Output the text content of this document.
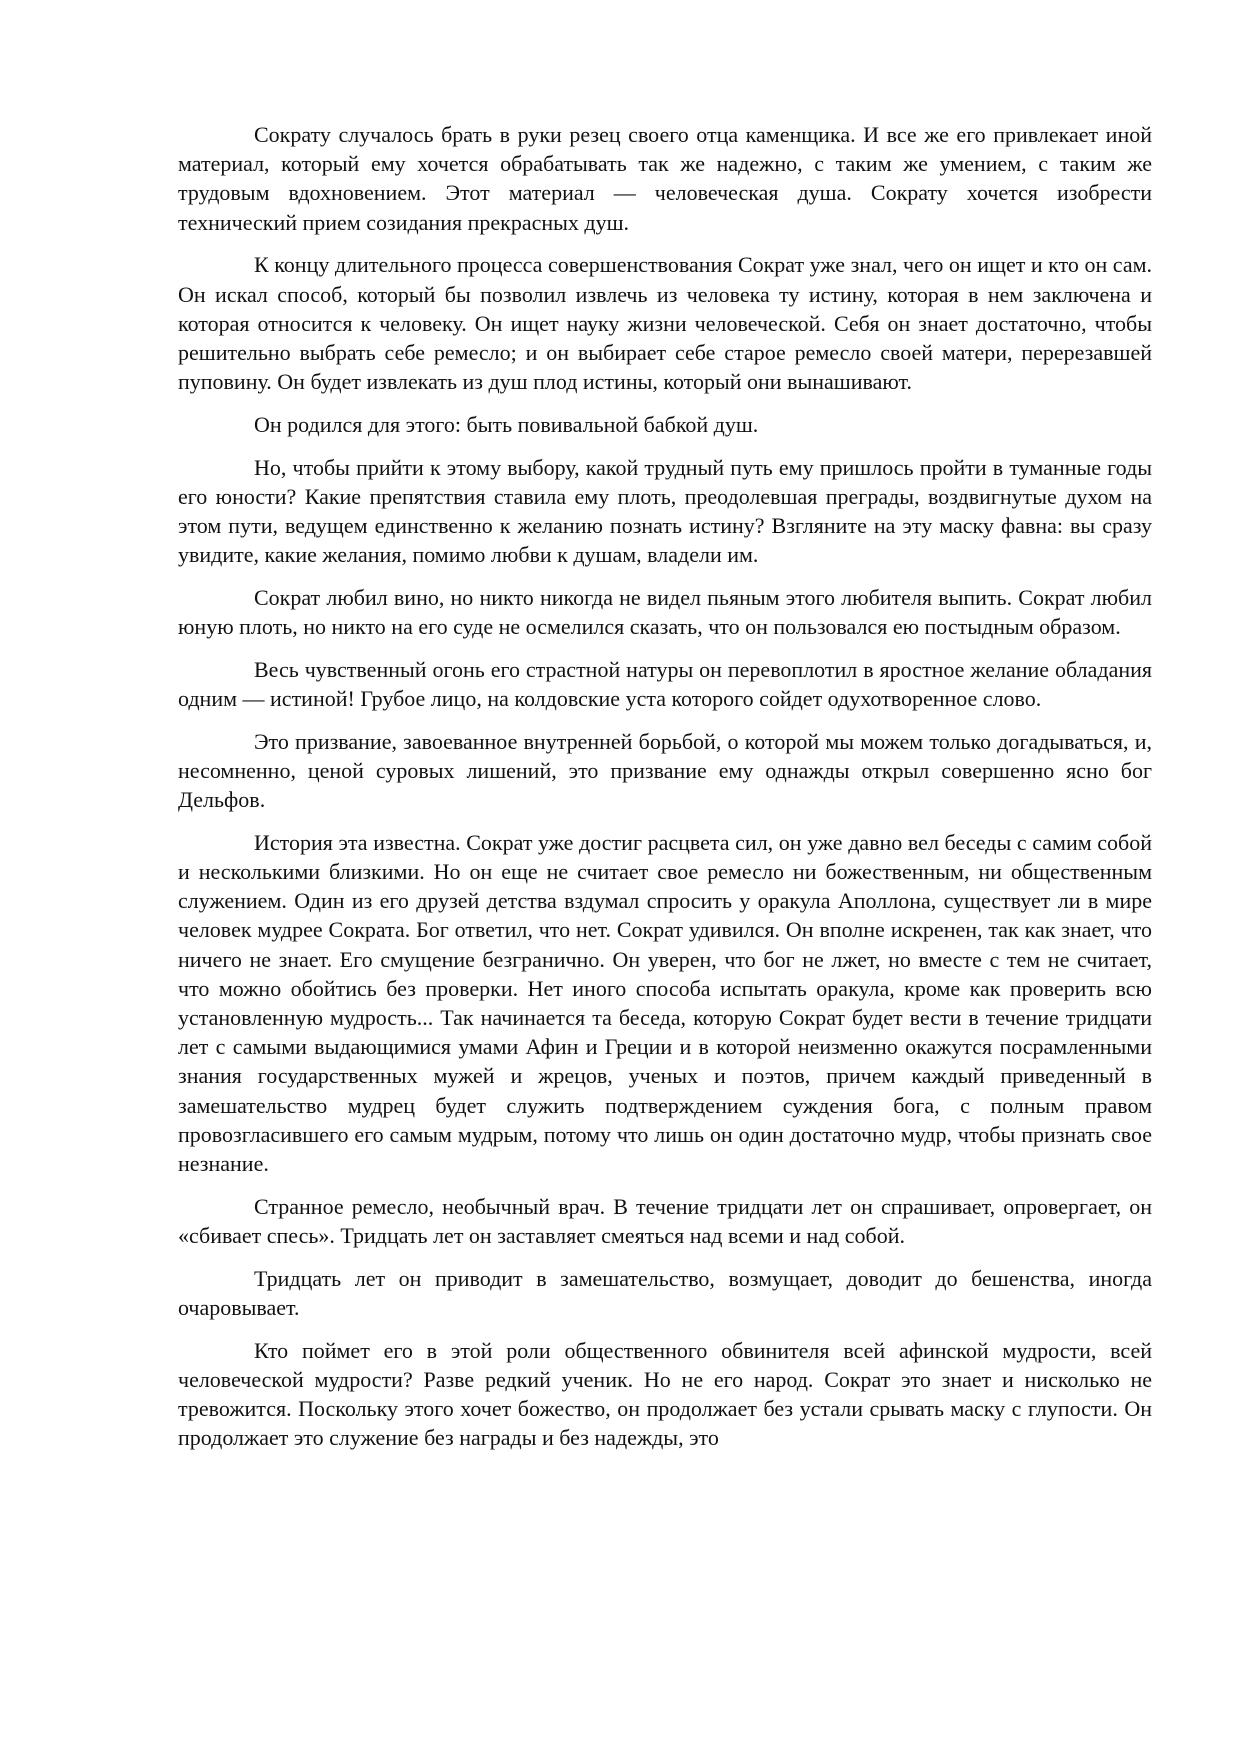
Сократу случалось брать в руки резец своего отца каменщика. И все же его привлекает иной материал, который ему хочется обрабатывать так же надежно, с таким же умением, с таким же трудовым вдохновением. Этот материал — человеческая душа. Сократу хочется изобрести технический прием созидания прекрасных душ.

К концу длительного процесса совершенствования Сократ уже знал, чего он ищет и кто он сам. Он искал способ, который бы позволил извлечь из человека ту истину, которая в нем заключена и которая относится к человеку. Он ищет науку жизни человеческой. Себя он знает достаточно, чтобы решительно выбрать себе ремесло; и он выбирает себе старое ремесло своей матери, перерезавшей пуповину. Он будет извлекать из душ плод истины, который они вынашивают.

Он родился для этого: быть повивальной бабкой душ.

Но, чтобы прийти к этому выбору, какой трудный путь ему пришлось пройти в туманные годы его юности? Какие препятствия ставила ему плоть, преодолевшая преграды, воздвигнутые духом на этом пути, ведущем единственно к желанию познать истину? Взгляните на эту маску фавна: вы сразу увидите, какие желания, помимо любви к душам, владели им.

Сократ любил вино, но никто никогда не видел пьяным этого любителя выпить. Сократ любил юную плоть, но никто на его суде не осмелился сказать, что он пользовался ею постыдным образом.

Весь чувственный огонь его страстной натуры он перевоплотил в яростное желание обладания одним — истиной! Грубое лицо, на колдовские уста которого сойдет одухотворенное слово.

Это призвание, завоеванное внутренней борьбой, о которой мы можем только догадываться, и, несомненно, ценой суровых лишений, это призвание ему однажды открыл совершенно ясно бог Дельфов.

История эта известна. Сократ уже достиг расцвета сил, он уже давно вел беседы с самим собой и несколькими близкими. Но он еще не считает свое ремесло ни божественным, ни общественным служением. Один из его друзей детства вздумал спросить у оракула Аполлона, существует ли в мире человек мудрее Сократа. Бог ответил, что нет. Сократ удивился. Он вполне искренен, так как знает, что ничего не знает. Его смущение безгранично. Он уверен, что бог не лжет, но вместе с тем не считает, что можно обойтись без проверки. Нет иного способа испытать оракула, кроме как проверить всю установленную мудрость... Так начинается та беседа, которую Сократ будет вести в течение тридцати лет с самыми выдающимися умами Афин и Греции и в которой неизменно окажутся посрамленными знания государственных мужей и жрецов, ученых и поэтов, причем каждый приведенный в замешательство мудрец будет служить подтверждением суждения бога, с полным правом провозгласившего его самым мудрым, потому что лишь он один достаточно мудр, чтобы признать свое незнание.

Странное ремесло, необычный врач. В течение тридцати лет он спрашивает, опровергает, он «сбивает спесь». Тридцать лет он заставляет смеяться над всеми и над собой.

Тридцать лет он приводит в замешательство, возмущает, доводит до бешенства, иногда очаровывает.

Кто поймет его в этой роли общественного обвинителя всей афинской мудрости, всей человеческой мудрости? Разве редкий ученик. Но не его народ. Сократ это знает и нисколько не тревожится. Поскольку этого хочет божество, он продолжает без устали срывать маску с глупости. Он продолжает это служение без награды и без надежды, это
